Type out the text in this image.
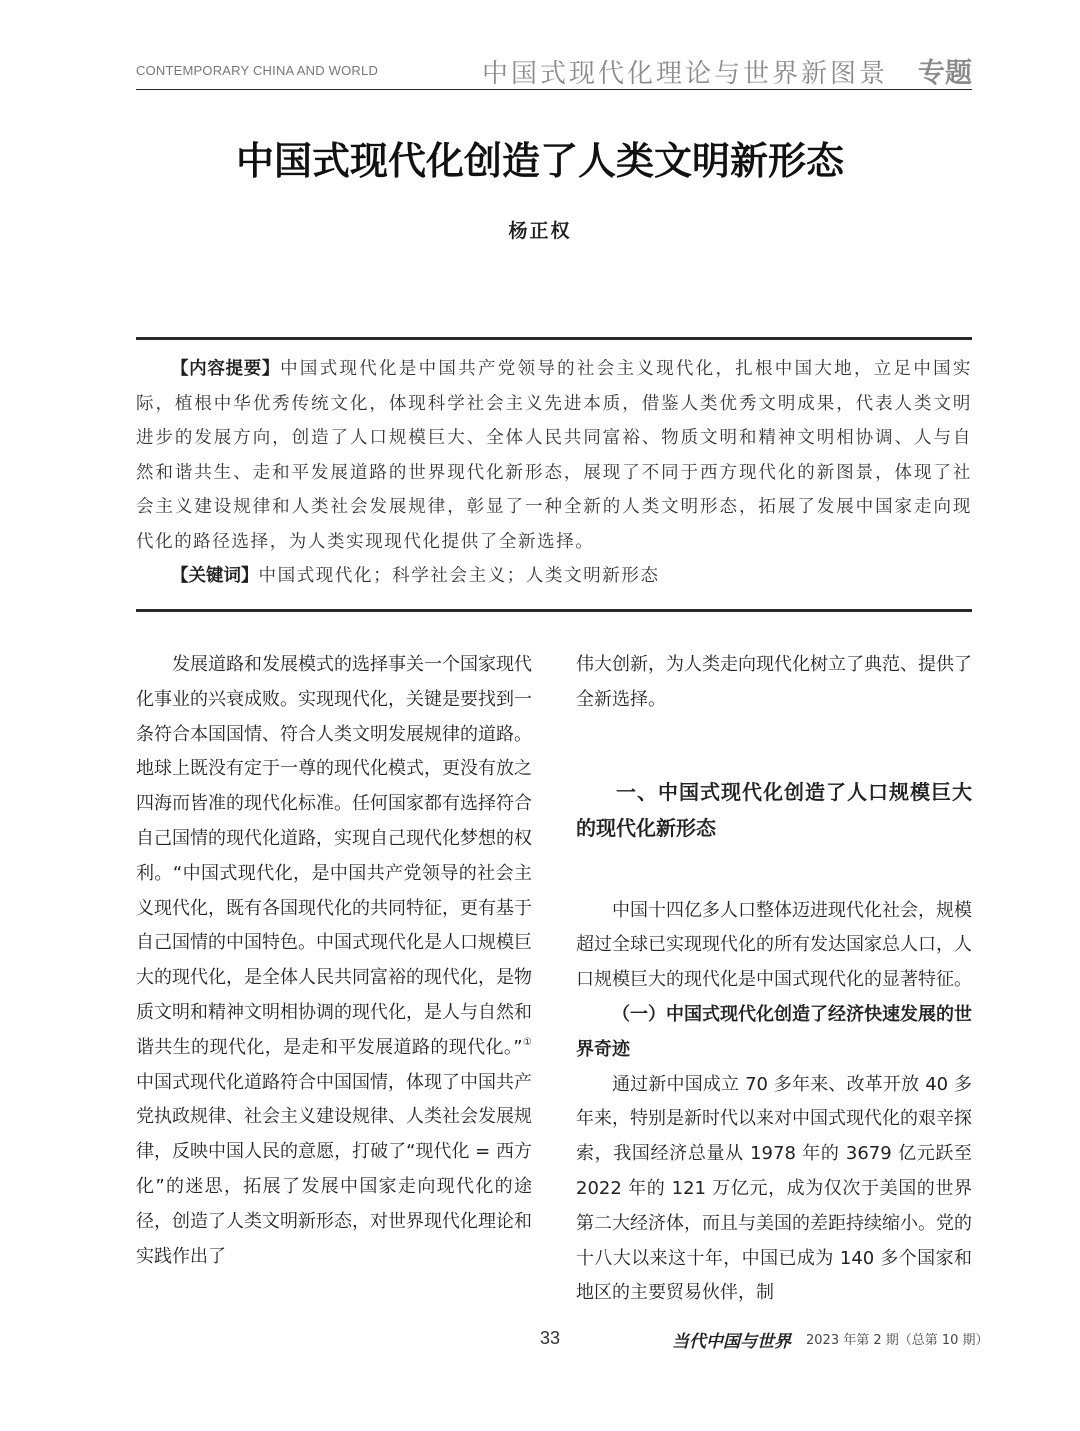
CONTEMPORARY CHINA AND WORLD	中国式现代化理论与世界新图景 专题
中国式现代化创造了人类文明新形态
杨正权

【内容提要】中国式现代化是中国共产党领导的社会主义现代化，扎根中国大地，立足中国实际，植根中华优秀传统文化，体现科学社会主义先进本质，借鉴人类优秀文明成果，代表人类文明进步的发展方向，创造了人口规模巨大、全体人民共同富裕、物质文明和精神文明相协调、人与自然和谐共生、走和平发展道路的世界现代化新形态，展现了不同于西方现代化的新图景，体现了社会主义建设规律和人类社会发展规律，彰显了一种全新的人类文明形态，拓展了发展中国家走向现代化的路径选择，为人类实现现代化提供了全新选择。

【关键词】中国式现代化；科学社会主义；人类文明新形态

发展道路和发展模式的选择事关一个国家现代化事业的兴衰成败。实现现代化，关键是要找到一条符合本国国情、符合人类文明发展规律的道路。地球上既没有定于一尊的现代化模式，更没有放之四海而皆准的现代化标准。任何国家都有选择符合自己国情的现代化道路，实现自己现代化梦想的权利。“中国式现代化，是中国共产党领导的社会主义现代化，既有各国现代化的共同特征，更有基于自己国情的中国特色。中国式现代化是人口规模巨大的现代化，是全体人民共同富裕的现代化，是物质文明和精神文明相协调的现代化，是人与自然和谐共生的现代化，是走和平发展道路的现代化。”① 中国式现代化道路符合中国国情，体现了中国共产党执政规律、社会主义建设规律、人类社会发展规律，反映中国人民的意愿，打破了“现代化 = 西方化”的迷思，拓展了发展中国家走向现代化的途径，创造了人类文明新形态，对世界现代化理论和实践作出了

伟大创新，为人类走向现代化树立了典范、提供了全新选择。

一、中国式现代化创造了人口规模巨大的现代化新形态

中国十四亿多人口整体迈进现代化社会，规模超过全球已实现现代化的所有发达国家总人口，人口规模巨大的现代化是中国式现代化的显著特征。

（一）中国式现代化创造了经济快速发展的世界奇迹

通过新中国成立 70 多年来、改革开放 40 多年来，特别是新时代以来对中国式现代化的艰辛探索，我国经济总量从 1978 年的 3679 亿元跃至 2022 年的 121 万亿元，成为仅次于美国的世界第二大经济体，而且与美国的差距持续缩小。党的十八大以来这十年，中国已成为 140 多个国家和地区的主要贸易伙伴，制

33	当代中国与世界 2023 年第 2 期（总第 10 期）
